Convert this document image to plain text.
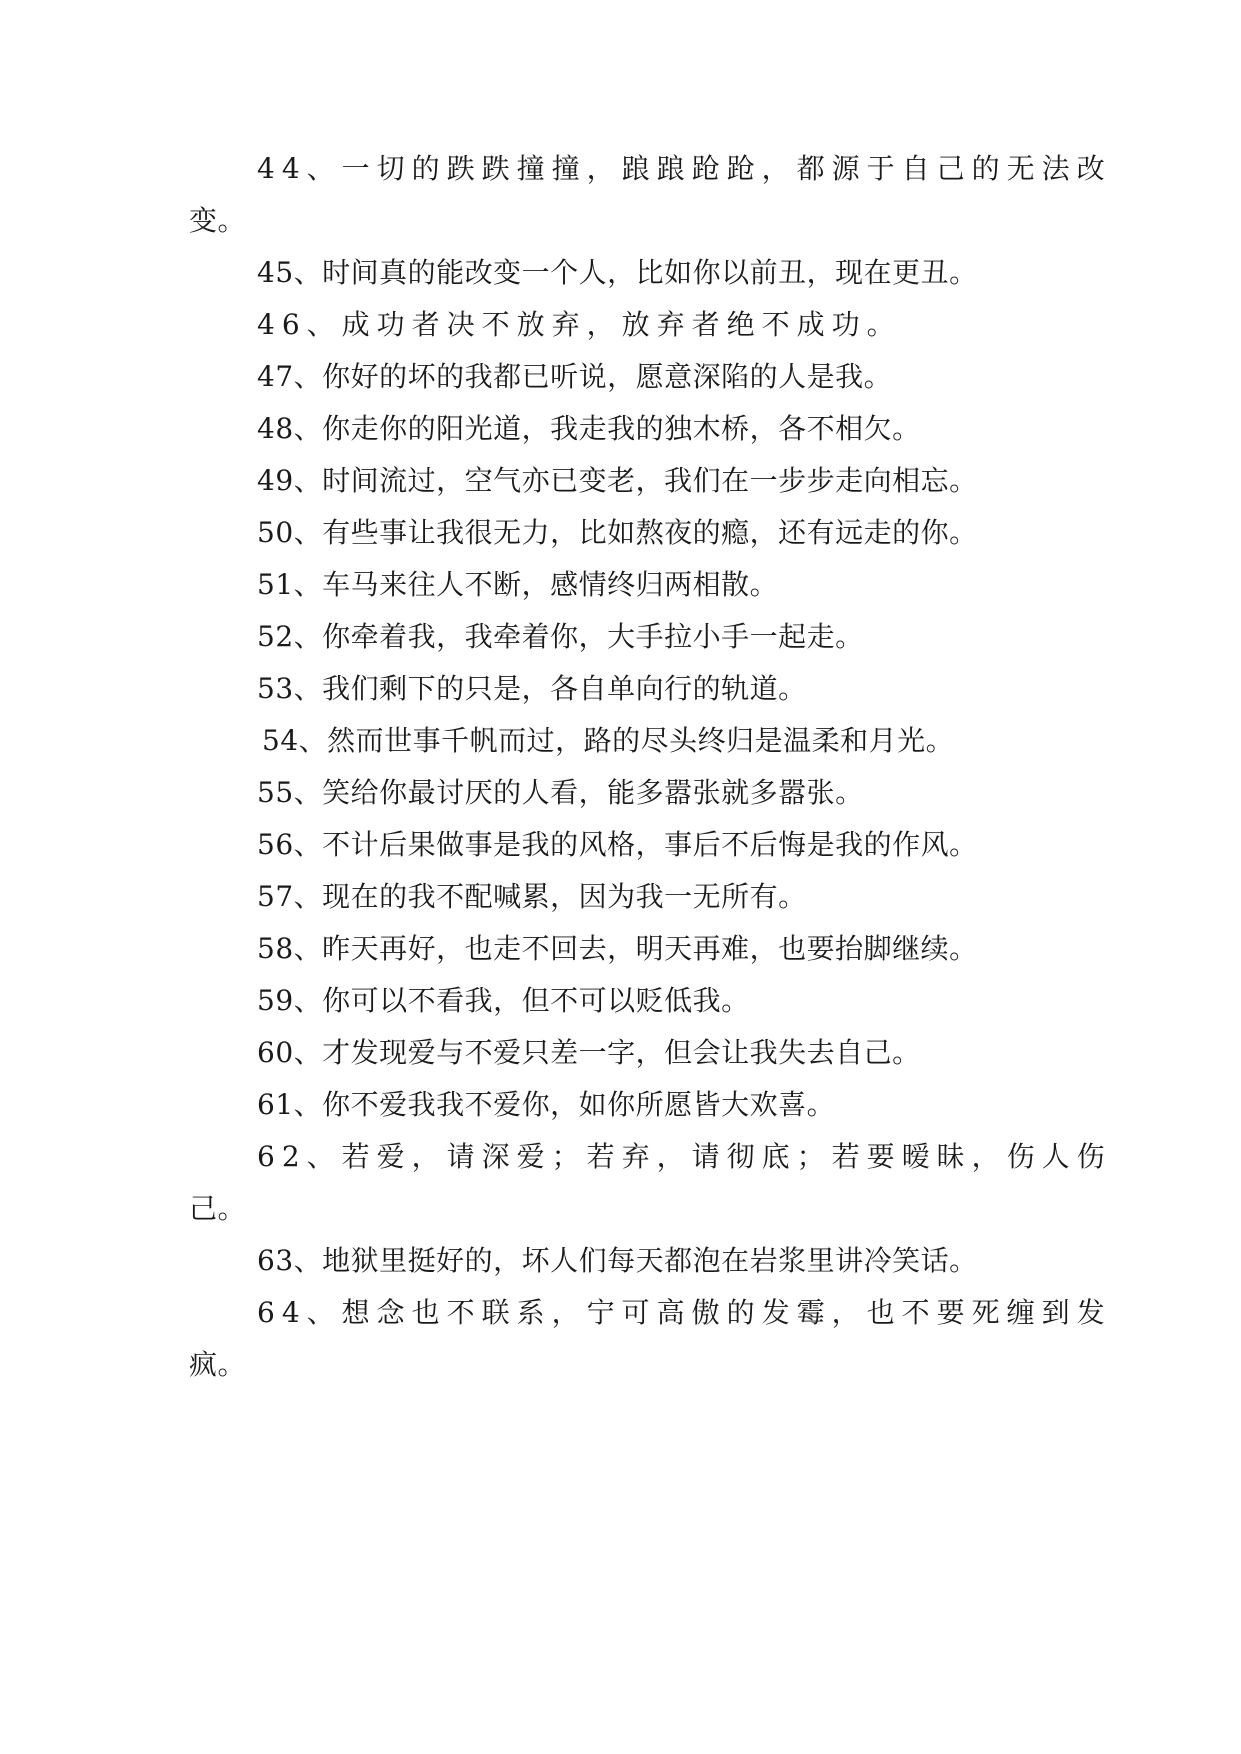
44、一切的跌跌撞撞，踉踉跄跄，都源于自己的无法改

变。

45、时间真的能改变一个人，比如你以前丑，现在更丑。

46、成功者决不放弃，放弃者绝不成功。

47、你好的坏的我都已听说，愿意深陷的人是我。

48、你走你的阳光道，我走我的独木桥，各不相欠。

49、时间流过，空气亦已变老，我们在一步步走向相忘。

50、有些事让我很无力，比如熬夜的瘾，还有远走的你。

51、车马来往人不断，感情终归两相散。

52、你牵着我，我牵着你，大手拉小手一起走。

53、我们剩下的只是，各自单向行的轨道。

54、然而世事千帆而过，路的尽头终归是温柔和月光。

55、笑给你最讨厌的人看，能多嚣张就多嚣张。

56、不计后果做事是我的风格，事后不后悔是我的作风。

57、现在的我不配喊累，因为我一无所有。

58、昨天再好，也走不回去，明天再难，也要抬脚继续。

59、你可以不看我，但不可以贬低我。

60、才发现爱与不爱只差一字，但会让我失去自己。

61、你不爱我我不爱你，如你所愿皆大欢喜。

62、若爱，请深爱；若弃，请彻底；若要暧昧，伤人伤

己。

63、地狱里挺好的，坏人们每天都泡在岩浆里讲冷笑话。

64、想念也不联系，宁可高傲的发霉，也不要死缠到发

疯。
